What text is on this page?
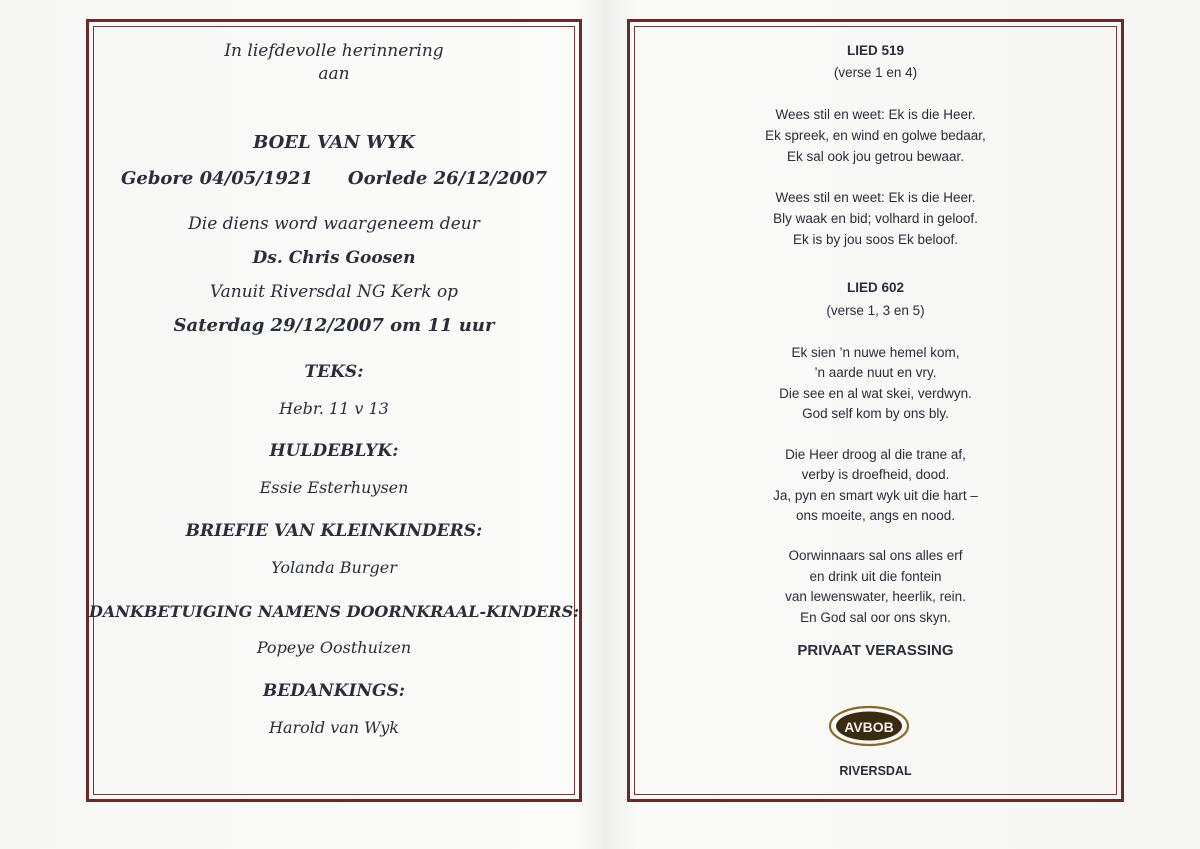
In liefdevolle herinnering
aan
BOEL VAN WYK
Gebore 04/05/1921 Oorlede 26/12/2007
Die diens word waargeneem deur
Ds. Chris Goosen
Vanuit Riversdal NG Kerk op
Saterdag 29/12/2007 om 11 uur
TEKS:
Hebr. 11 v 13
HULDEBLYK:
Essie Esterhuysen
BRIEFIE VAN KLEINKINDERS:
Yolanda Burger
DANKBETUIGING NAMENS DOORNKRAAL-KINDERS:
Popeye Oosthuizen
BEDANKINGS:
Harold van Wyk
LIED 519
(verse 1 en 4)
Wees stil en weet: Ek is die Heer.
Ek spreek, en wind en golwe bedaar,
Ek sal ook jou getrou bewaar.
Wees stil en weet: Ek is die Heer.
Bly waak en bid; volhard in geloof.
Ek is by jou soos Ek beloof.
LIED 602
(verse 1, 3 en 5)
Ek sien ’n nuwe hemel kom,
’n aarde nuut en vry.
Die see en al wat skei, verdwyn.
God self kom by ons bly.
Die Heer droog al die trane af,
verby is droefheid, dood.
Ja, pyn en smart wyk uit die hart –
ons moeite, angs en nood.
Oorwinnaars sal ons alles erf
en drink uit die fontein
van lewenswater, heerlik, rein.
En God sal oor ons skyn.
PRIVAAT VERASSING
AVBOB
RIVERSDAL
